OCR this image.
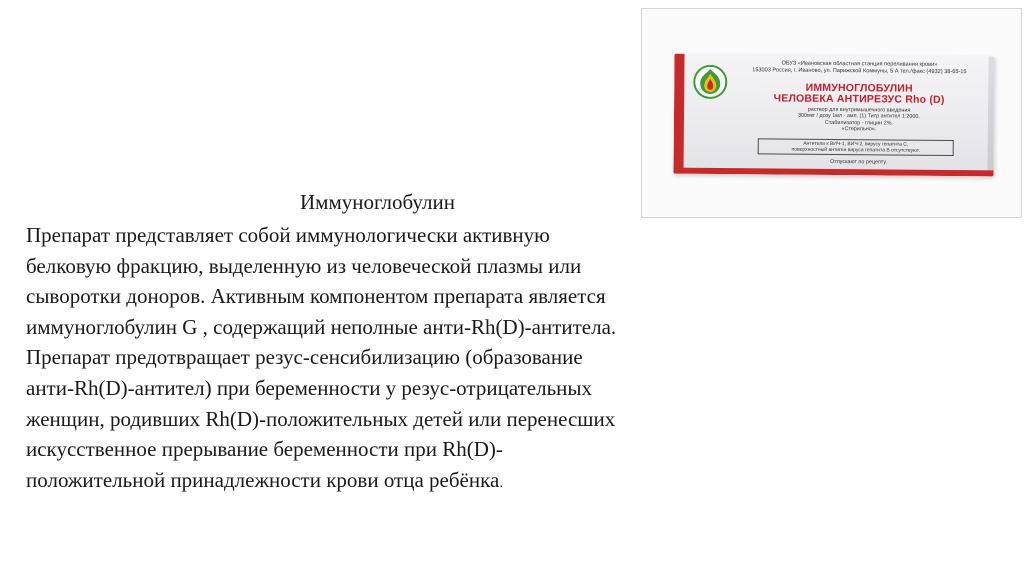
ОБУЗ «Ивановская областная станция переливания крови»
153003 Россия, г. Иваново, ул. Парижской Коммуны, 5 А тел./факс (4932) 38-65-15
ИММУНОГЛОБУЛИН
ЧЕЛОВЕКА АНТИРЕЗУС Rho (D)
раствор для внутримышечного введения
300мкг / дозу 1мл - амп. (1) Титр антител 1:2000.
Стабилизатор - глицин 2%.
«Стерильно».
Антитела к ВИЧ-1, ВИЧ-2, вирусу гепатита С,
поверхностный антиген вируса гепатита В отсутствуют.
Отпускают по рецепту.
Иммуноглобулин
Препарат представляет собой иммунологически активную
белковую фракцию, выделенную из человеческой плазмы или
сыворотки доноров. Активным компонентом препарата является
иммуноглобулин G , содержащий неполные анти-Rh(D)-антитела.
Препарат предотвращает резус-сенсибилизацию (образование
анти-Rh(D)-антител) при беременности у резус-отрицательных
женщин, родивших Rh(D)-положительных детей или перенесших
искусственное прерывание беременности при Rh(D)-
положительной принадлежности крови отца ребёнка.
